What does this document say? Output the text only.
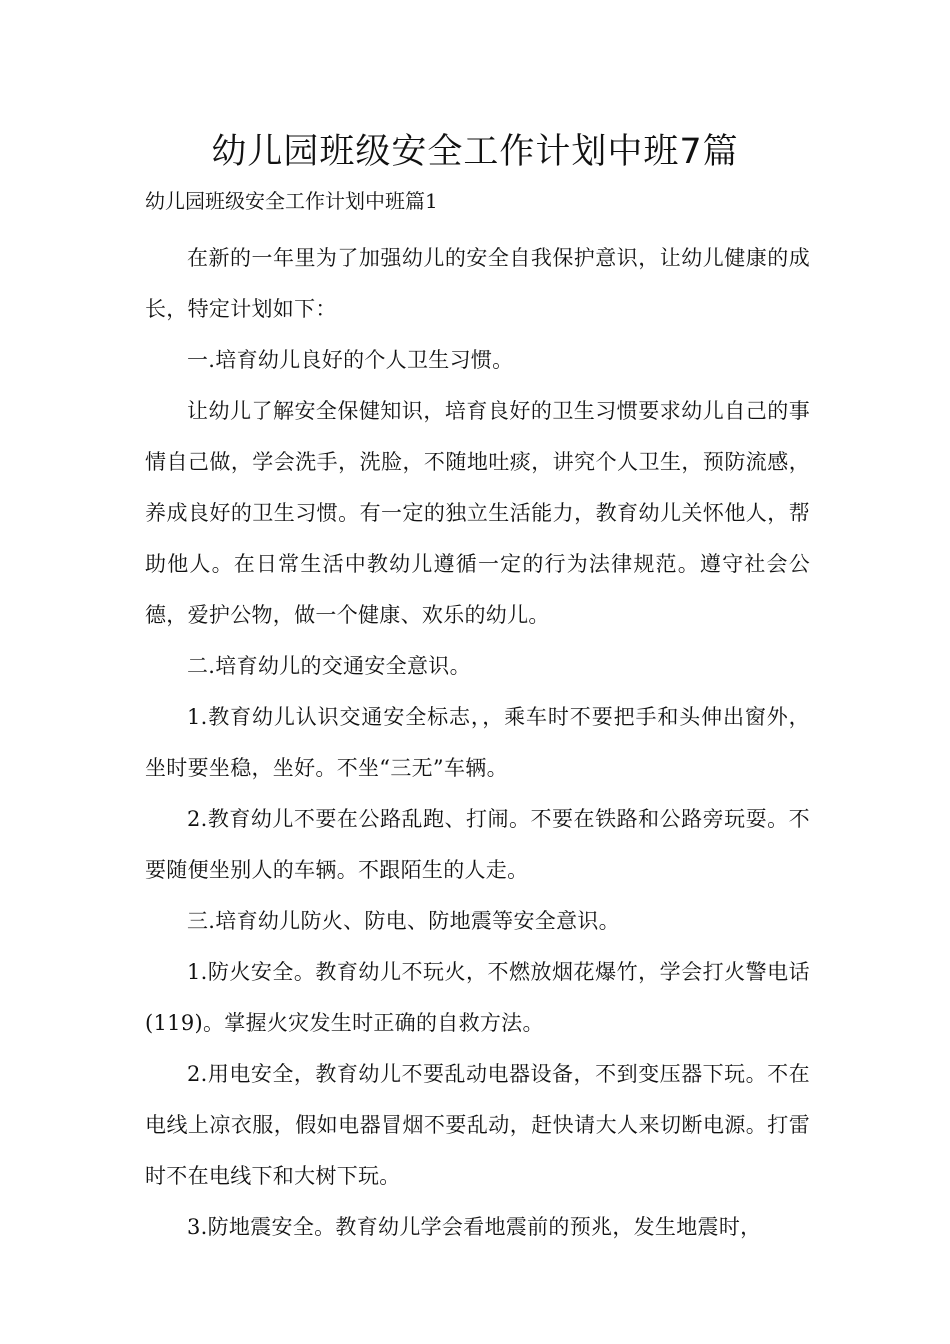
幼儿园班级安全工作计划中班7篇

幼儿园班级安全工作计划中班篇1

在新的一年里为了加强幼儿的安全自我保护意识，让幼儿健康的成长，特定计划如下：

一.培育幼儿良好的个人卫生习惯。

让幼儿了解安全保健知识，培育良好的卫生习惯要求幼儿自己的事情自己做，学会洗手，洗脸，不随地吐痰，讲究个人卫生，预防流感，养成良好的卫生习惯。有一定的独立生活能力，教育幼儿关怀他人，帮助他人。在日常生活中教幼儿遵循一定的行为法律规范。遵守社会公德，爱护公物，做一个健康、欢乐的幼儿。

二.培育幼儿的交通安全意识。

1.教育幼儿认识交通安全标志，，乘车时不要把手和头伸出窗外，坐时要坐稳，坐好。不坐“三无”车辆。

2.教育幼儿不要在公路乱跑、打闹。不要在铁路和公路旁玩耍。不要随便坐别人的车辆。不跟陌生的人走。

三.培育幼儿防火、防电、防地震等安全意识。

1.防火安全。教育幼儿不玩火，不燃放烟花爆竹，学会打火警电话(119)。掌握火灾发生时正确的自救方法。

2.用电安全，教育幼儿不要乱动电器设备，不到变压器下玩。不在电线上凉衣服，假如电器冒烟不要乱动，赶快请大人来切断电源。打雷时不在电线下和大树下玩。

3.防地震安全。教育幼儿学会看地震前的预兆，发生地震时，
